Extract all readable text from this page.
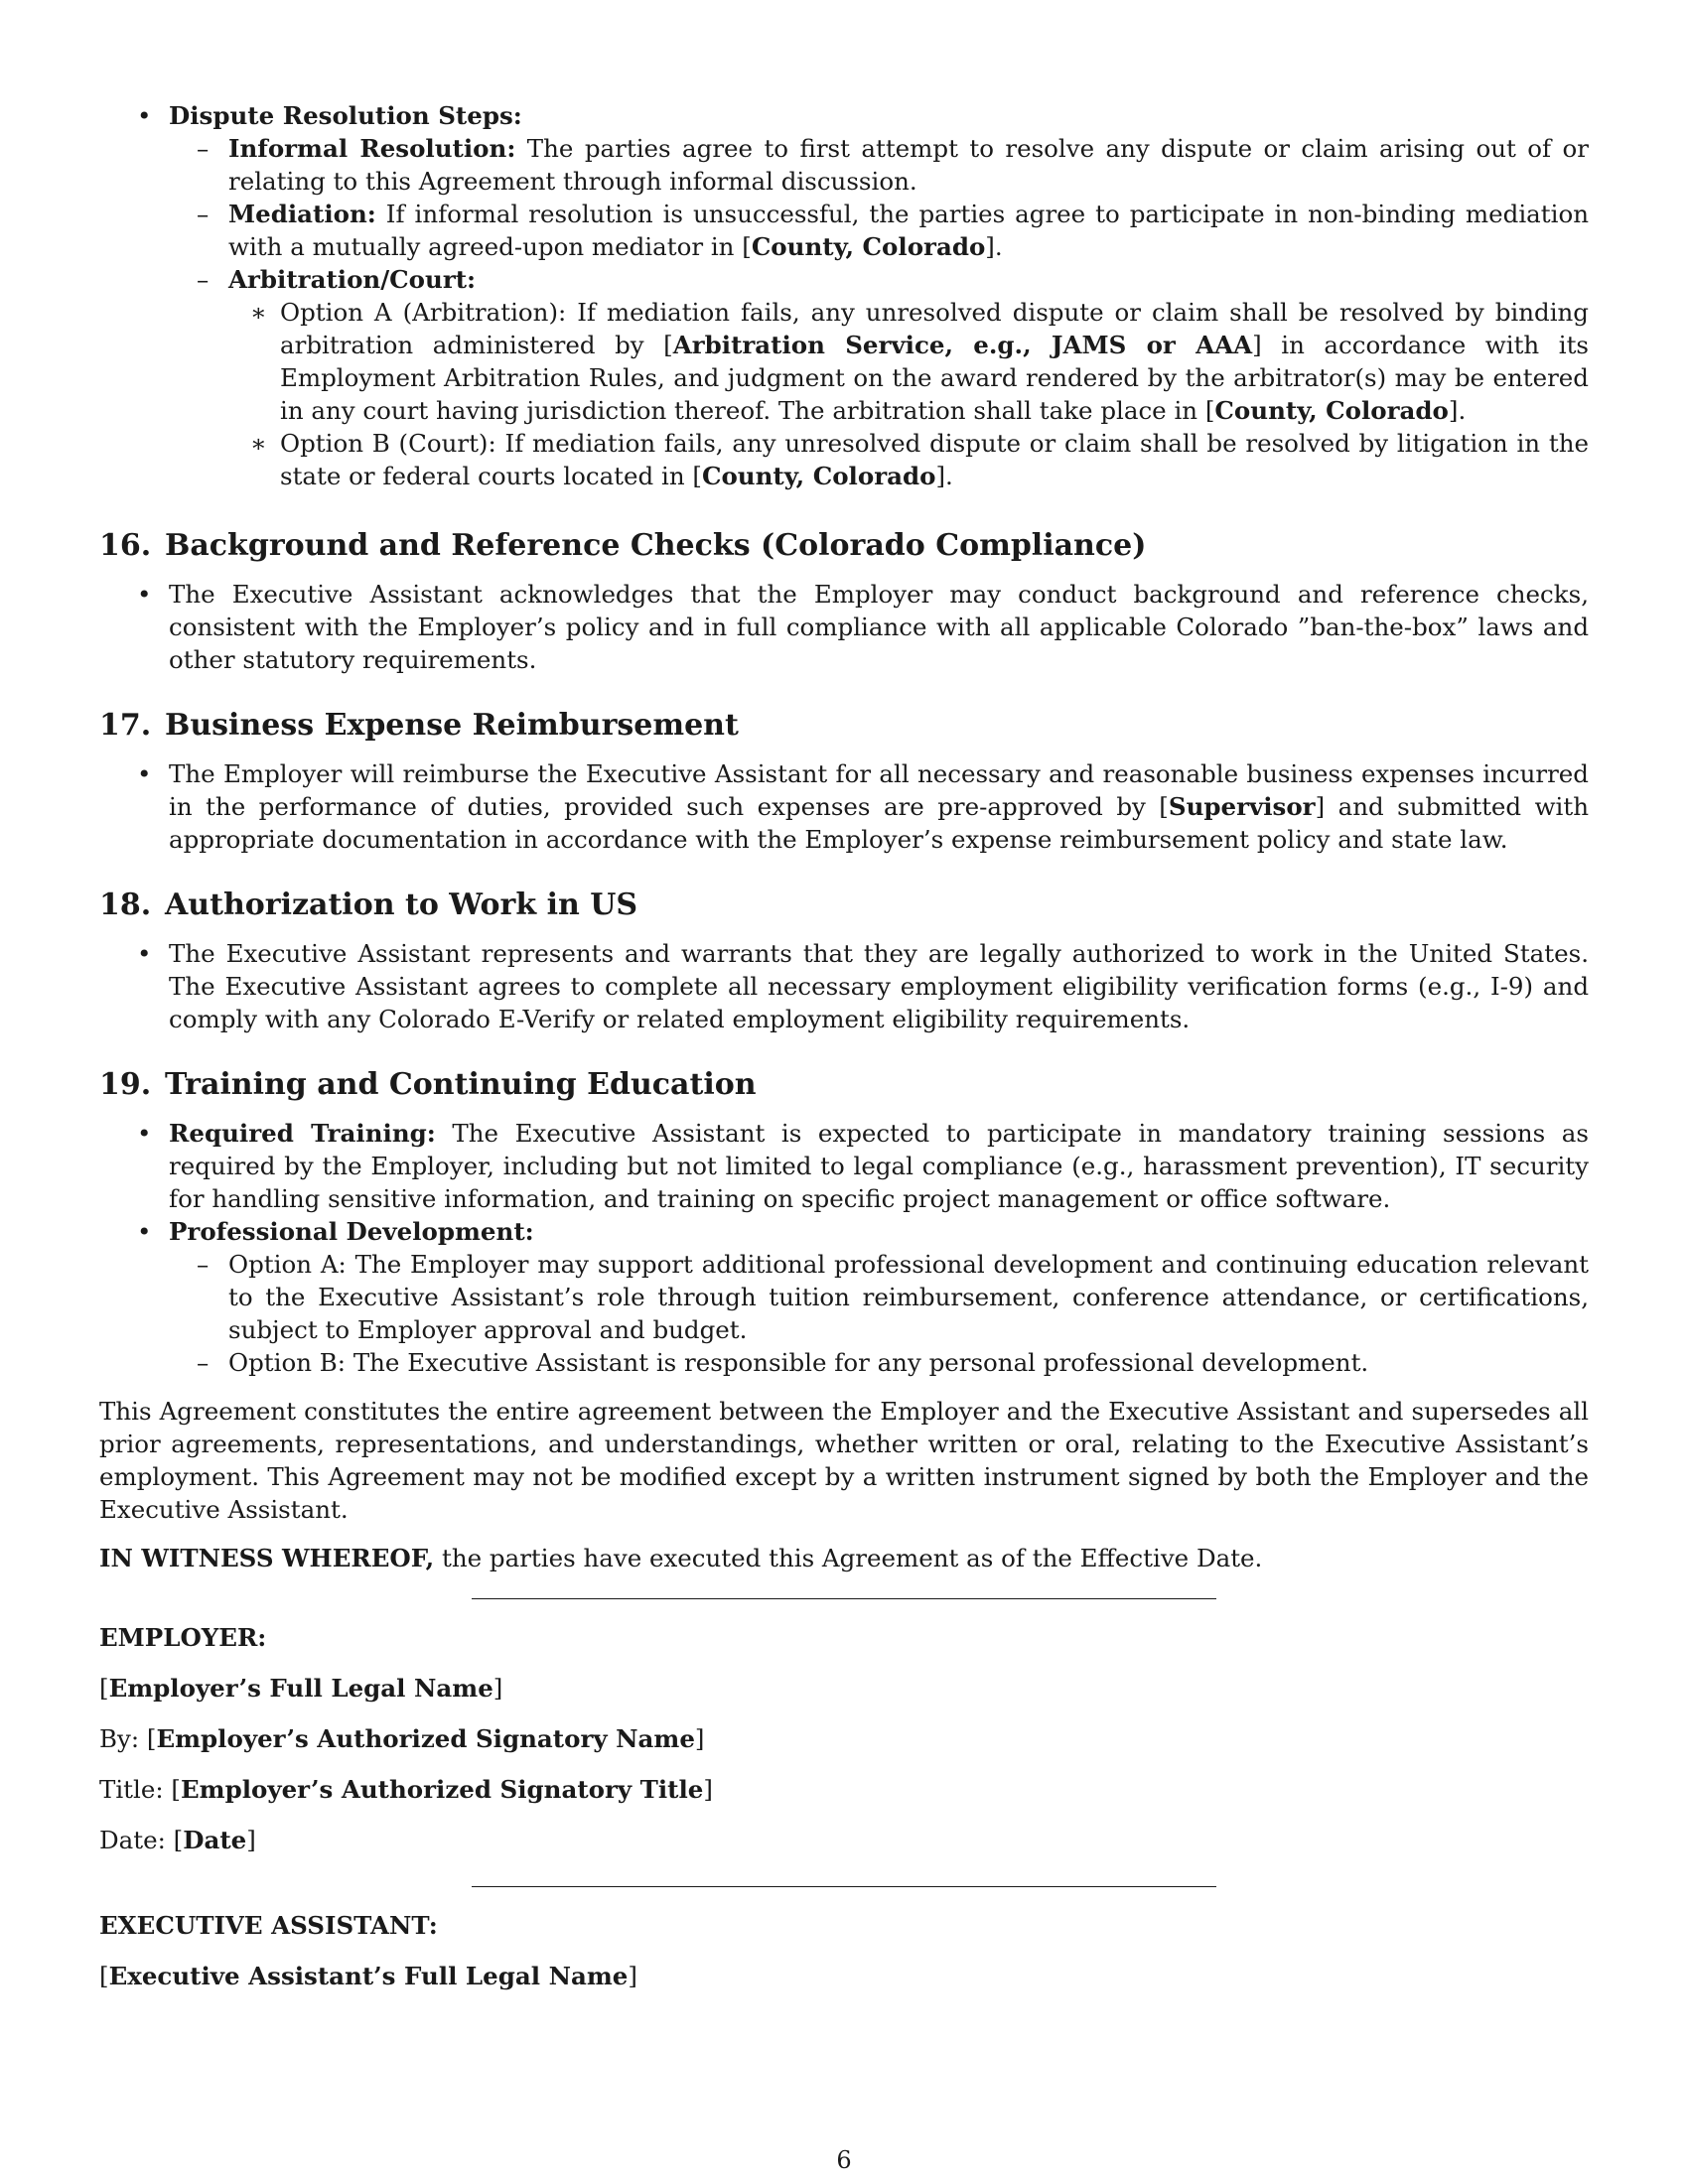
• Dispute Resolution Steps:
– Informal Resolution: The parties agree to first attempt to resolve any dispute or claim arising out of or relating to this Agreement through informal discussion.
– Mediation: If informal resolution is unsuccessful, the parties agree to participate in non-binding mediation with a mutually agreed-upon mediator in [County, Colorado].
– Arbitration/Court:
∗ Option A (Arbitration): If mediation fails, any unresolved dispute or claim shall be resolved by binding arbitration administered by [Arbitration Service, e.g., JAMS or AAA] in accordance with its Employment Arbitration Rules, and judgment on the award rendered by the arbitrator(s) may be entered in any court having jurisdiction thereof. The arbitration shall take place in [County, Colorado].
∗ Option B (Court): If mediation fails, any unresolved dispute or claim shall be resolved by litigation in the state or federal courts located in [County, Colorado].
16. Background and Reference Checks (Colorado Compliance)
• The Executive Assistant acknowledges that the Employer may conduct background and reference checks, consistent with the Employer’s policy and in full compliance with all applicable Colorado ”ban-the-box” laws and other statutory requirements.
17. Business Expense Reimbursement
• The Employer will reimburse the Executive Assistant for all necessary and reasonable business expenses incurred in the performance of duties, provided such expenses are pre-approved by [Supervisor] and submitted with appropriate documentation in accordance with the Employer’s expense reimbursement policy and state law.
18. Authorization to Work in US
• The Executive Assistant represents and warrants that they are legally authorized to work in the United States. The Executive Assistant agrees to complete all necessary employment eligibility verification forms (e.g., I-9) and comply with any Colorado E-Verify or related employment eligibility requirements.
19. Training and Continuing Education
• Required Training: The Executive Assistant is expected to participate in mandatory training sessions as required by the Employer, including but not limited to legal compliance (e.g., harassment prevention), IT security for handling sensitive information, and training on specific project management or office software.
• Professional Development:
– Option A: The Employer may support additional professional development and continuing education relevant to the Executive Assistant’s role through tuition reimbursement, conference attendance, or certifications, subject to Employer approval and budget.
– Option B: The Executive Assistant is responsible for any personal professional development.

This Agreement constitutes the entire agreement between the Employer and the Executive Assistant and supersedes all prior agreements, representations, and understandings, whether written or oral, relating to the Executive Assistant’s employment. This Agreement may not be modified except by a written instrument signed by both the Employer and the Executive Assistant.

IN WITNESS WHEREOF, the parties have executed this Agreement as of the Effective Date.

EMPLOYER:

[Employer’s Full Legal Name]

By: [Employer’s Authorized Signatory Name]

Title: [Employer’s Authorized Signatory Title]

Date: [Date]

EXECUTIVE ASSISTANT:

[Executive Assistant’s Full Legal Name]

6
